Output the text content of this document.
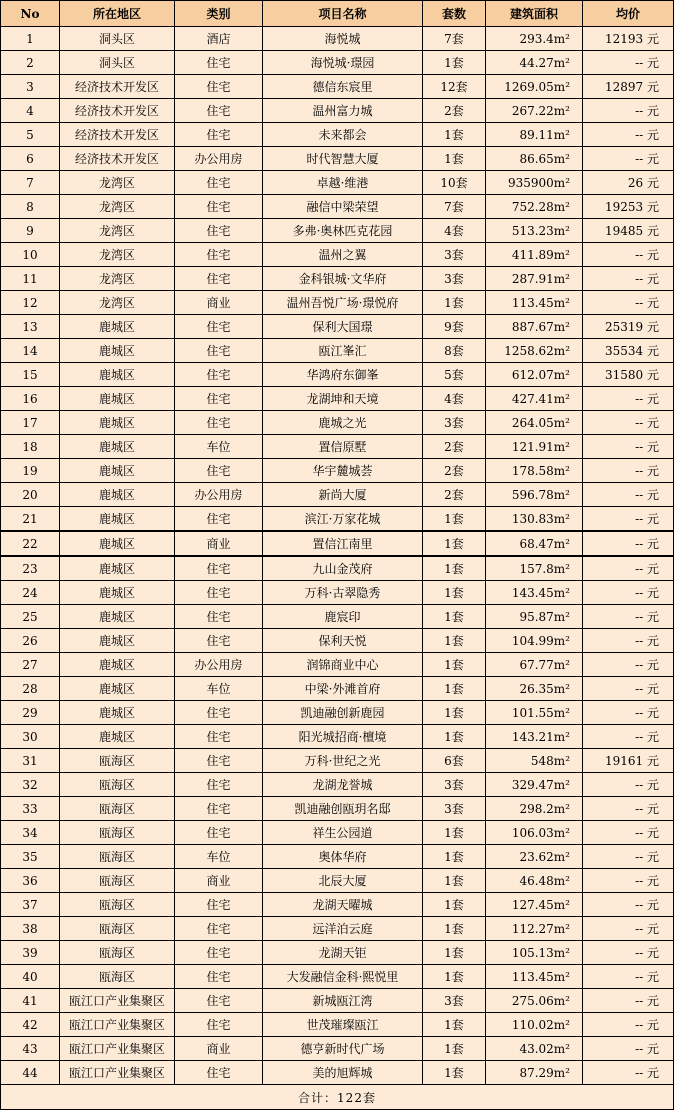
No	所在地区	类别	项目名称	套数	建筑面积	均价
1	洞头区	酒店	海悦城	7套	293.4m²	12193 元
2	洞头区	住宅	海悦城·璟园	1套	44.27m²	-- 元
3	经济技术开发区	住宅	德信东宸里	12套	1269.05m²	12897 元
4	经济技术开发区	住宅	温州富力城	2套	267.22m²	-- 元
5	经济技术开发区	住宅	未来都会	1套	89.11m²	-- 元
6	经济技术开发区	办公用房	时代智慧大厦	1套	86.65m²	-- 元
7	龙湾区	住宅	卓越·维港	10套	935900m²	26 元
8	龙湾区	住宅	融信中梁荣望	7套	752.28m²	19253 元
9	龙湾区	住宅	多弗·奥林匹克花园	4套	513.23m²	19485 元
10	龙湾区	住宅	温州之翼	3套	411.89m²	-- 元
11	龙湾区	住宅	金科银城·文华府	3套	287.91m²	-- 元
12	龙湾区	商业	温州吾悦广场·璟悦府	1套	113.45m²	-- 元
13	鹿城区	住宅	保利大国璟	9套	887.67m²	25319 元
14	鹿城区	住宅	瓯江峯汇	8套	1258.62m²	35534 元
15	鹿城区	住宅	华鸿府东御峯	5套	612.07m²	31580 元
16	鹿城区	住宅	龙湖坤和天境	4套	427.41m²	-- 元
17	鹿城区	住宅	鹿城之光	3套	264.05m²	-- 元
18	鹿城区	车位	置信原墅	2套	121.91m²	-- 元
19	鹿城区	住宅	华宇麓城荟	2套	178.58m²	-- 元
20	鹿城区	办公用房	新尚大厦	2套	596.78m²	-- 元
21	鹿城区	住宅	滨江·万家花城	1套	130.83m²	-- 元
22	鹿城区	商业	置信江南里	1套	68.47m²	-- 元
23	鹿城区	住宅	九山金茂府	1套	157.8m²	-- 元
24	鹿城区	住宅	万科·古翠隐秀	1套	143.45m²	-- 元
25	鹿城区	住宅	鹿宸印	1套	95.87m²	-- 元
26	鹿城区	住宅	保利天悦	1套	104.99m²	-- 元
27	鹿城区	办公用房	润锦商业中心	1套	67.77m²	-- 元
28	鹿城区	车位	中梁·外滩首府	1套	26.35m²	-- 元
29	鹿城区	住宅	凯迪融创新鹿园	1套	101.55m²	-- 元
30	鹿城区	住宅	阳光城招商·檀境	1套	143.21m²	-- 元
31	瓯海区	住宅	万科·世纪之光	6套	548m²	19161 元
32	瓯海区	住宅	龙湖龙誉城	3套	329.47m²	-- 元
33	瓯海区	住宅	凯迪融创瓯玥名邸	3套	298.2m²	-- 元
34	瓯海区	住宅	祥生公园道	1套	106.03m²	-- 元
35	瓯海区	车位	奥体华府	1套	23.62m²	-- 元
36	瓯海区	商业	北辰大厦	1套	46.48m²	-- 元
37	瓯海区	住宅	龙湖天曜城	1套	127.45m²	-- 元
38	瓯海区	住宅	远洋泊云庭	1套	112.27m²	-- 元
39	瓯海区	住宅	龙湖天钜	1套	105.13m²	-- 元
40	瓯海区	住宅	大发融信金科·熙悦里	1套	113.45m²	-- 元
41	瓯江口产业集聚区	住宅	新城瓯江湾	3套	275.06m²	-- 元
42	瓯江口产业集聚区	住宅	世茂璀璨瓯江	1套	110.02m²	-- 元
43	瓯江口产业集聚区	商业	德亨新时代广场	1套	43.02m²	-- 元
44	瓯江口产业集聚区	住宅	美的旭辉城	1套	87.29m²	-- 元
合计：122套						
